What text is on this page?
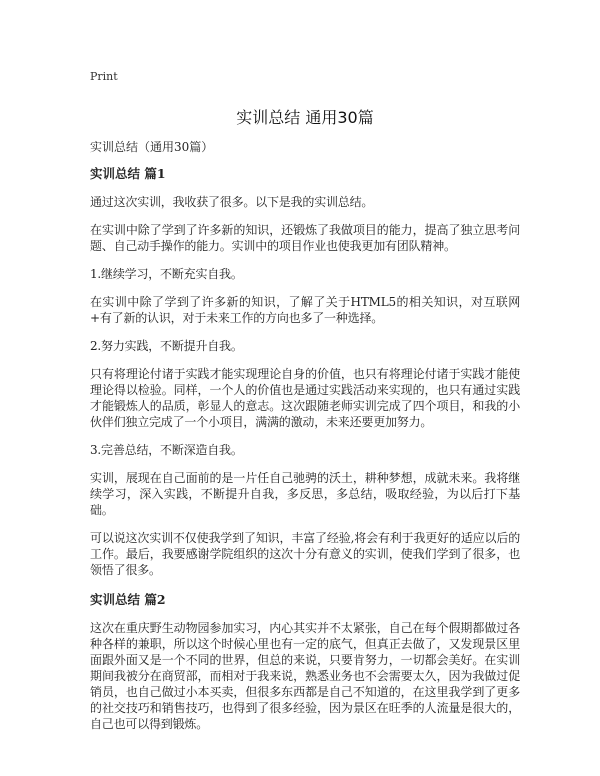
Print
实训总结 通用30篇
实训总结（通用30篇）
实训总结 篇1

通过这次实训，我收获了很多。以下是我的实训总结。

在实训中除了学到了许多新的知识，还锻炼了我做项目的能力，提高了独立思考问题、自己动手操作的能力。实训中的项目作业也使我更加有团队精神。

1.继续学习，不断充实自我。

在实训中除了学到了许多新的知识，了解了关于HTML5的相关知识，对互联网+有了新的认识，对于未来工作的方向也多了一种选择。

2.努力实践，不断提升自我。

只有将理论付诸于实践才能实现理论自身的价值，也只有将理论付诸于实践才能使理论得以检验。同样，一个人的价值也是通过实践活动来实现的，也只有通过实践才能锻炼人的品质，彰显人的意志。这次跟随老师实训完成了四个项目，和我的小伙伴们独立完成了一个小项目，满满的激动，未来还要更加努力。

3.完善总结，不断深造自我。

实训，展现在自己面前的是一片任自己驰骋的沃土，耕种梦想，成就未来。我将继续学习，深入实践，不断提升自我，多反思，多总结，吸取经验，为以后打下基础。

可以说这次实训不仅使我学到了知识，丰富了经验,将会有利于我更好的适应以后的工作。最后，我要感谢学院组织的这次十分有意义的实训，使我们学到了很多，也领悟了很多。

实训总结 篇2

这次在重庆野生动物园参加实习，内心其实并不太紧张，自己在每个假期都做过各种各样的兼职，所以这个时候心里也有一定的底气，但真正去做了，又发现景区里面跟外面又是一个不同的世界，但总的来说，只要肯努力，一切都会美好。在实训期间我被分在商贸部，而相对于我来说，熟悉业务也不会需要太久，因为我做过促销员，也自己做过小本买卖，但很多东西都是自己不知道的，在这里我学到了更多的社交技巧和销售技巧，也得到了很多经验，因为景区在旺季的人流量是很大的，自己也可以得到锻炼。
